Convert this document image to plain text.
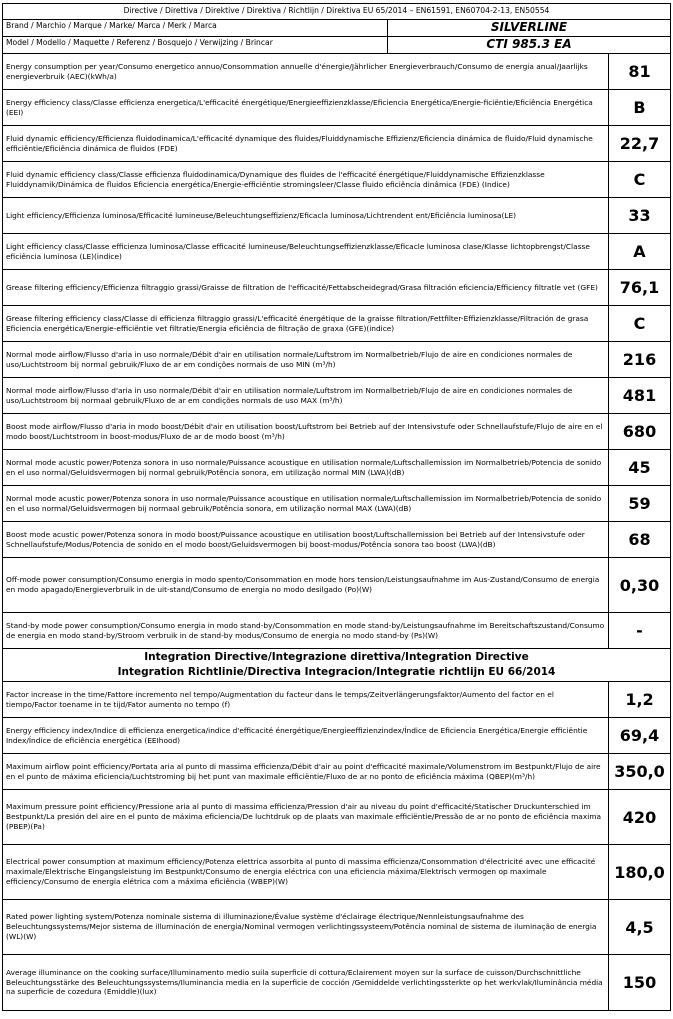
Directive / Direttiva / Direktive / Direktiva / Richtlijn / Direktiva EU 65/2014 – EN61591, EN60704-2-13, EN50554
Brand / Marchio / Marque / Marke/ Marca / Merk / Marca	SILVERLINE
Model / Modello / Maquette / Referenz / Bosquejo / Verwijzing / Brincar	CTI 985.3 EA
Energy consumption per year/Consumo energetico annuo/Consommation annuelle d'énergie/Jährlicher Energieverbrauch/Consumo de energia anual/Jaarlijks energieverbruik (AEC)(kWh/a)	81
Energy efficiency class/Classe efficienza energetica/L'efficacité énergétique/Energieeffizienzklasse/Eficiencia Energética/Energie-ficiëntie/Eficiência Energética (EEI)	B
Fluid dynamic efficiency/Efficienza fluidodinamica/L'efficacité dynamique des fluides/Fluiddynamische Effizienz/Eficiencia dinámica de fluido/Fluid dynamische efficiëntie/Eficiência dinámica de fluidos (FDE)	22,7
Fluid dynamic efficiency class/Classe efficienza fluidodinamica/Dynamique des fluides de l'efficacité énergétique/Fluiddynamische Effizienzklasse Fluiddynamik/Dinámica de fluidos Eficiencia energética/Energie-efficiëntie stromingsleer/Classe fluido eficiência dinâmica (FDE) (Indice)	C
Light efficiency/Efficienza luminosa/Efficacité lumineuse/Beleuchtungseffizienz/Eficacla luminosa/Lichtrendent ent/Eficiência luminosa(LE)	33
Light efficiency class/Classe efficienza luminosa/Classe efficacité lumineuse/Beleuchtungseffizienzklasse/Eficacle luminosa clase/Klasse lichtopbrengst/Classe eficiência luminosa (LE)(indice)	A
Grease filtering efficiency/Efficienza filtraggio grassi/Graisse de filtration de l'efficacité/Fettabscheidegrad/Grasa filtración eficiencia/Efficiency filtratle vet (GFE)	76,1
Grease filtering efficiency class/Classe di efficienza filtraggio grassi/L'efficacité énergétique de la graisse filtration/Fettfilter-Effizienzklasse/Filtración de grasa Eficiencia energética/Energie-efficiëntie vet filtratie/Energia eficiência de filtração de graxa (GFE)(indice)	C
Normal mode airflow/Flusso d'aria in uso normale/Débit d'air en utilisation normale/Luftstrom im Normalbetrieb/Flujo de aire en condiciones normales de uso/Luchtstroom bij normal gebruik/Fluxo de ar em condições normais de uso MIN (m³/h)	216
Normal mode airflow/Flusso d'aria in uso normale/Débit d'air en utilisation normale/Luftstrom im Normalbetrieb/Flujo de aire en condiciones normales de uso/Luchtstroom bij normaal gebruik/Fluxo de ar em condições normals de uso MAX (m³/h)	481
Boost mode airflow/Flusso d'aria in modo boost/Débit d'air en utilisation boost/Luftstrom bei Betrieb auf der Intensivstufe oder Schnellaufstufe/Flujo de aire en el modo boost/Luchtstroom in boost-modus/Fluxo de ar de modo boost (m³/h)	680
Normal mode acustic power/Potenza sonora in uso normale/Puissance acoustique en utilisation normale/Luftschallemission im Normalbetrieb/Potencia de sonido en el uso normal/Geluidsvermogen bij normal gebruik/Potência sonora, em utilização normal MIN (LWA)(dB)	45
Normal mode acustic power/Potenza sonora in uso normale/Puissance acoustique en utilisation normale/Luftschallemission im Normalbetrieb/Potencia de sonido en el uso normal/Geluidsvermogen bij normaal gebruik/Potência sonora, em utilização normal MAX (LWA)(dB)	59
Boost mode acustic power/Potenza sonora in modo boost/Puissance acoustique en utilisation boost/Luftschallemission bei Betrieb auf der Intensivstufe oder Schnellaufstufe/Modus/Potencia de sonido en el modo boost/Geluidsvermogen bij boost-modus/Potência sonora tao boost (LWA)(dB)	68
Off-mode power consumption/Consumo energia in modo spento/Consommation en mode hors tension/Leistungsaufnahme im Aus-Zustand/Consumo de energia en modo apagado/Energieverbruik in de uit-stand/Consumo de energia no modo desilgado (Po)(W)	0,30
Stand-by mode power consumption/Consumo energia in modo stand-by/Consommation en mode stand-by/Leistungsaufnahme im Bereitschaftszustand/Consumo de energia en modo stand-by/Stroom verbruik in de stand-by modus/Consumo de energia no modo stand-by (Ps)(W)	-
Integration Directive/Integrazione direttiva/Integration Directive
Integration Richtlinie/Directiva Integracion/Integratie richtlijn EU 66/2014
Factor increase in the time/Fattore incremento nel tempo/Augmentation du facteur dans le temps/Zeitverlängerungsfaktor/Aumento del factor en el tiempo/Factor toename in te tijd/Fator aumento no tempo (f)	1,2
Energy efficiency index/Indice di efficienza energetica/indice d'efficacité énergétique/Energieeffizienzindex/Índice de Eficiencia Energética/Energie efficiëntie Index/Índice de eficiência energética (EEIhood)	69,4
Maximum airflow point efficiency/Portata aria al punto di massima efficienza/Débit d'air au point d'efficacité maximale/Volumenstrom im Bestpunkt/Flujo de aire en el punto de máxima eficiencia/Luchtstroming bij het punt van maximale efficiëntie/Fluxo de ar no ponto de eficiência máxima (QBEP)(m³/h)	350,0
Maximum pressure point efficiency/Pressione aria al punto di massima efficienza/Pression d'air au niveau du point d'efficacité/Statischer Druckunterschied im Bestpunkt/La presión del aire en el punto de máxima eficiencia/De luchtdruk op de plaats van maximale efficiëntie/Pressão de ar no ponto de eficiência maxima (PBEP)(Pa)	420
Electrical power consumption at maximum efficiency/Potenza elettrica assorbita al punto di massima efficienza/Consommation d'électricité avec une efficacité maximale/Elektrische Eingangsleistung im Bestpunkt/Consumo de energia eléctrica con una eficiencia máxima/Elektrisch vermogen op maximale efficiency/Consumo de energia elétrica com a máxima eficiência (WBEP)(W)	180,0
Rated power lighting system/Potenza nominale sistema di illuminazione/Évalue système d'éclairage électrique/Nennleistungsaufnahme des Beleuchtungssystems/Mejor sistema de illuminación de energia/Nominal vermogen verlichtingssysteem/Potência nominal de sistema de iluminação de energia (WL)(W)	4,5
Average illuminance on the cooking surface/Illuminamento medio suila superficie di cottura/Eclairement moyen sur la surface de cuisson/Durchschnittliche Beleuchtungsstärke des Beleuchtungssystems/Iluminancia media en la superficie de cocción /Gemiddelde verlichtingssterkte op het werkvlak/Iluminância média na superficie de cozedura (Emiddle)(lux)	150
